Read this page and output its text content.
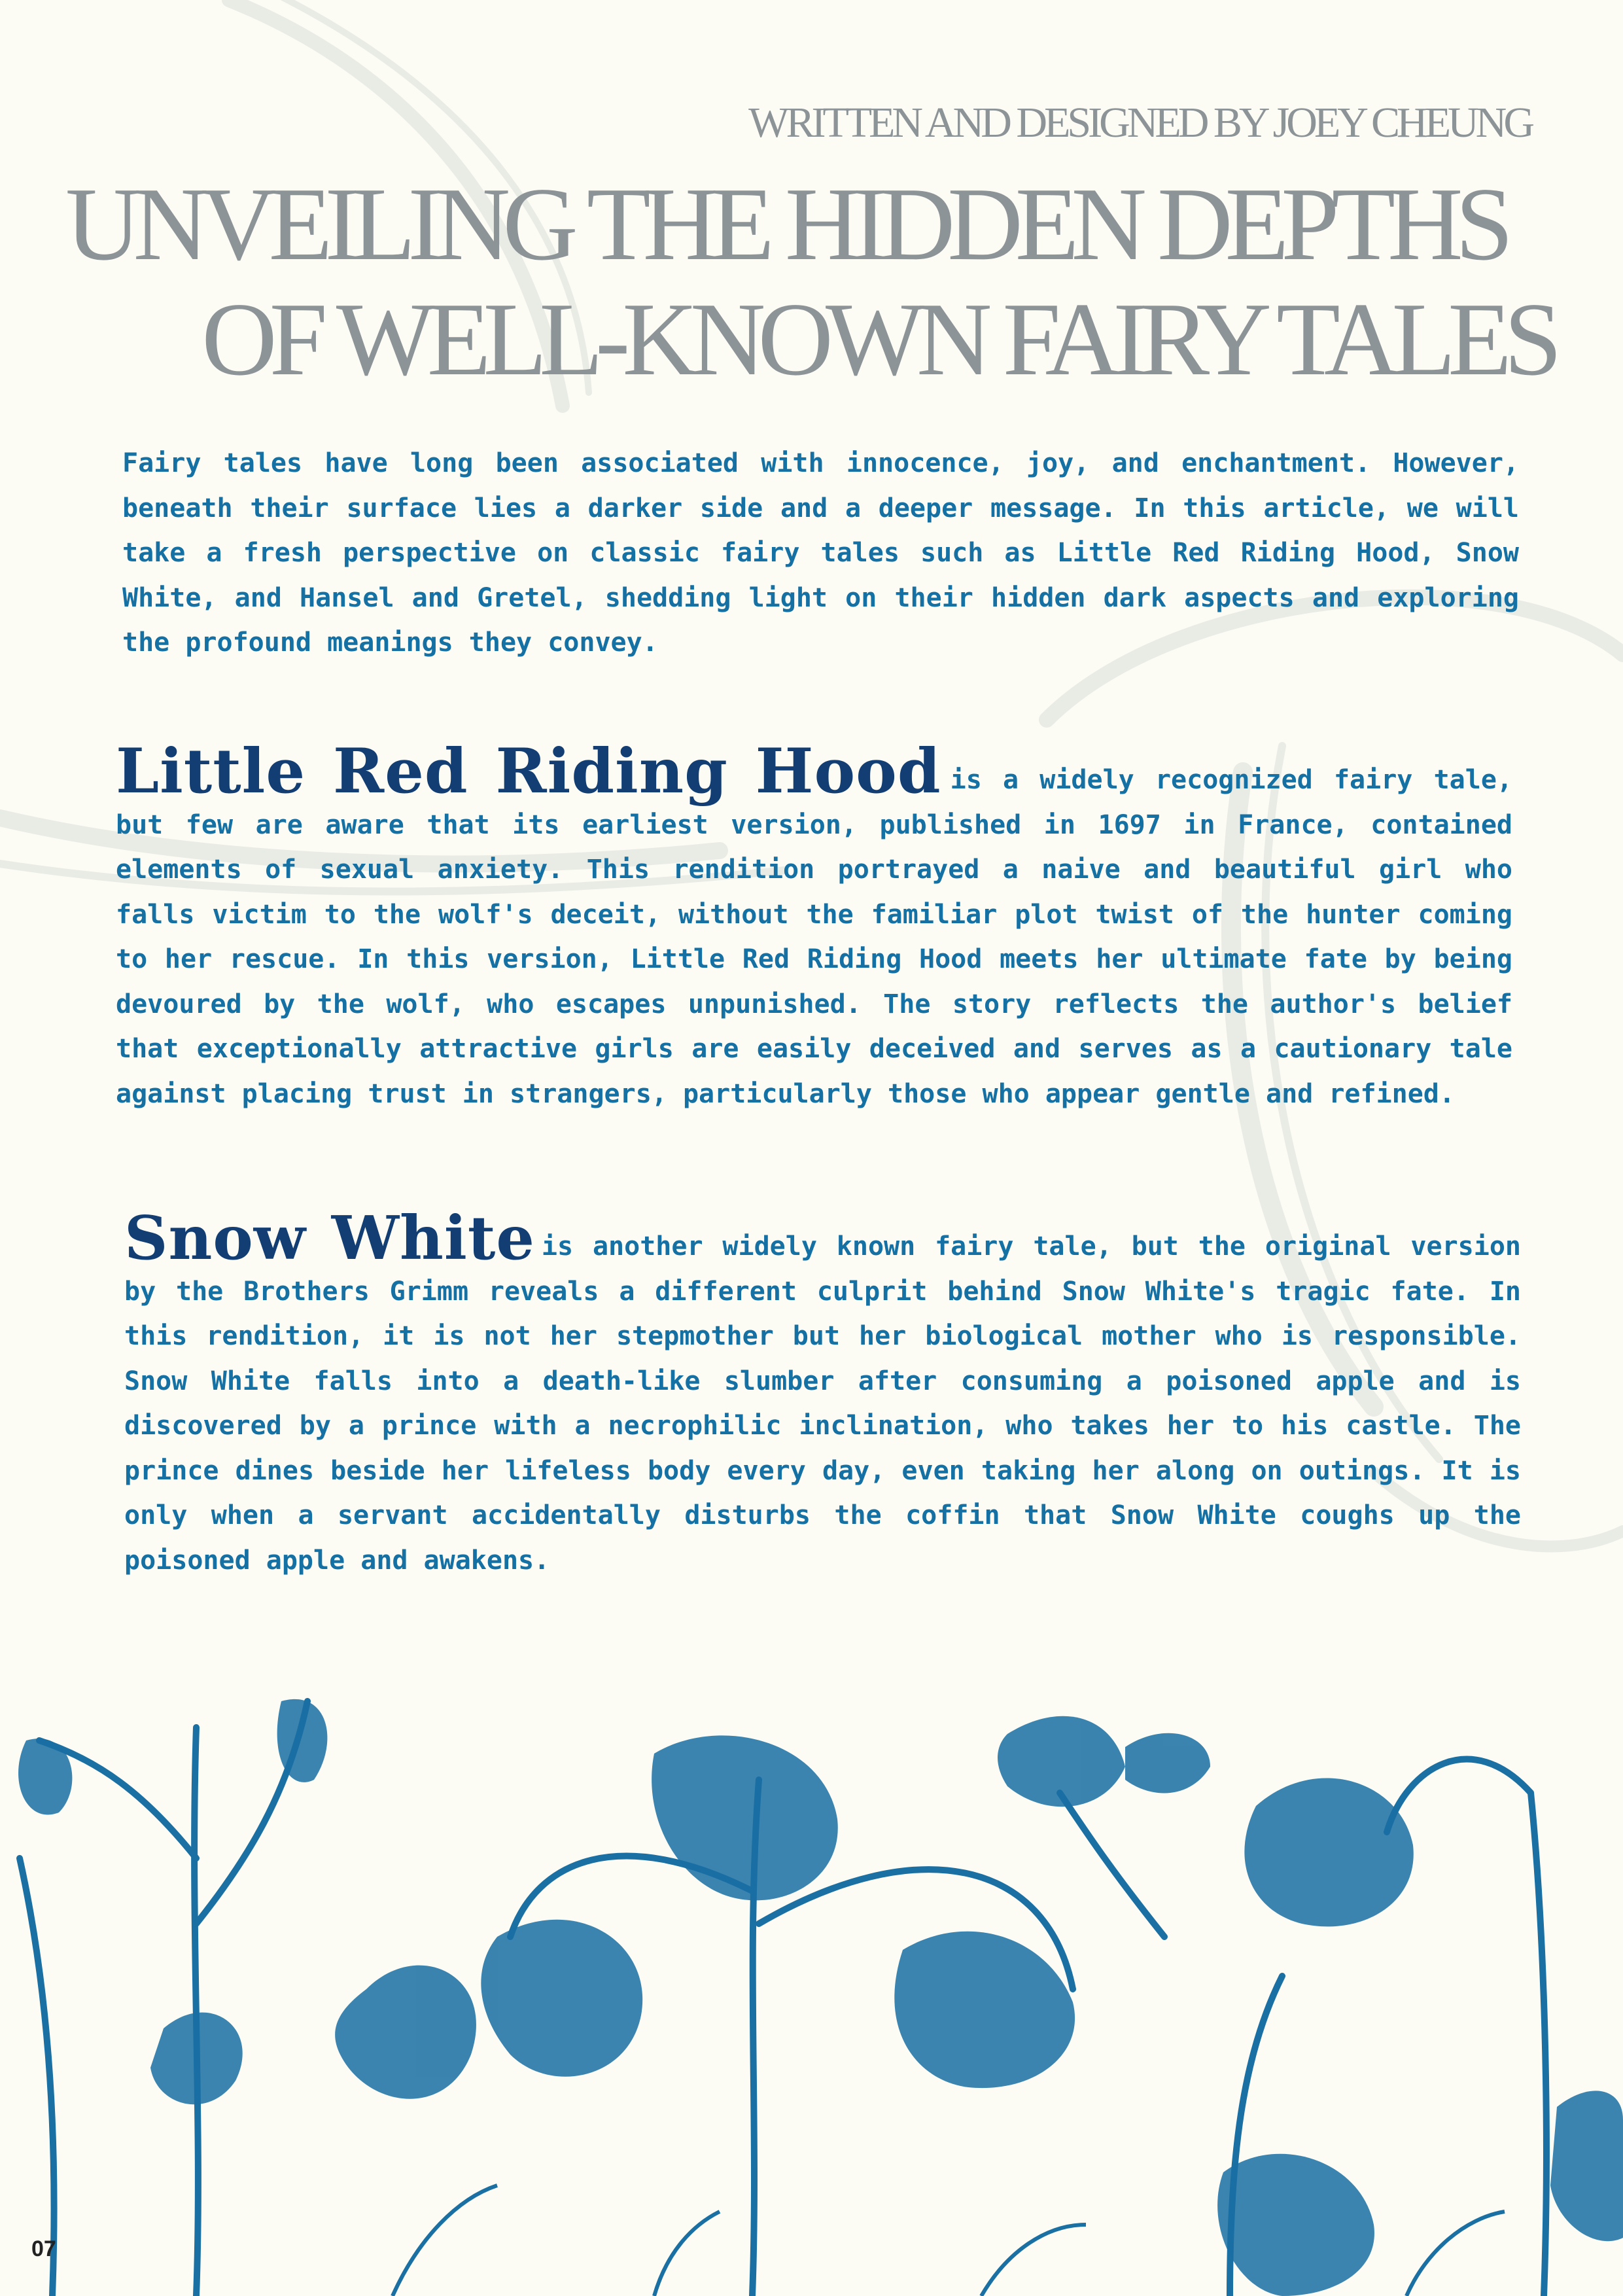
WRITTEN AND DESIGNED BY JOEY CHEUNG
UNVEILING THE HIDDEN DEPTHS
OF WELL-KNOWN FAIRY TALES

Fairy tales have long been associated with innocence, joy, and enchantment. However, beneath their surface lies a darker side and a deeper message. In this article, we will take a fresh perspective on classic fairy tales such as Little Red Riding Hood, Snow White, and Hansel and Gretel, shedding light on their hidden dark aspects and exploring the profound meanings they convey.

Little Red Riding Hood is a widely recognized fairy tale, but few are aware that its earliest version, published in 1697 in France, contained elements of sexual anxiety. This rendition portrayed a naive and beautiful girl who falls victim to the wolf's deceit, without the familiar plot twist of the hunter coming to her rescue. In this version, Little Red Riding Hood meets her ultimate fate by being devoured by the wolf, who escapes unpunished. The story reflects the author's belief that exceptionally attractive girls are easily deceived and serves as a cautionary tale against placing trust in strangers, particularly those who appear gentle and refined.

Snow White is another widely known fairy tale, but the original version by the Brothers Grimm reveals a different culprit behind Snow White's tragic fate. In this rendition, it is not her stepmother but her biological mother who is responsible. Snow White falls into a death-like slumber after consuming a poisoned apple and is discovered by a prince with a necrophilic inclination, who takes her to his castle. The prince dines beside her lifeless body every day, even taking her along on outings. It is only when a servant accidentally disturbs the coffin that Snow White coughs up the poisoned apple and awakens.

07
